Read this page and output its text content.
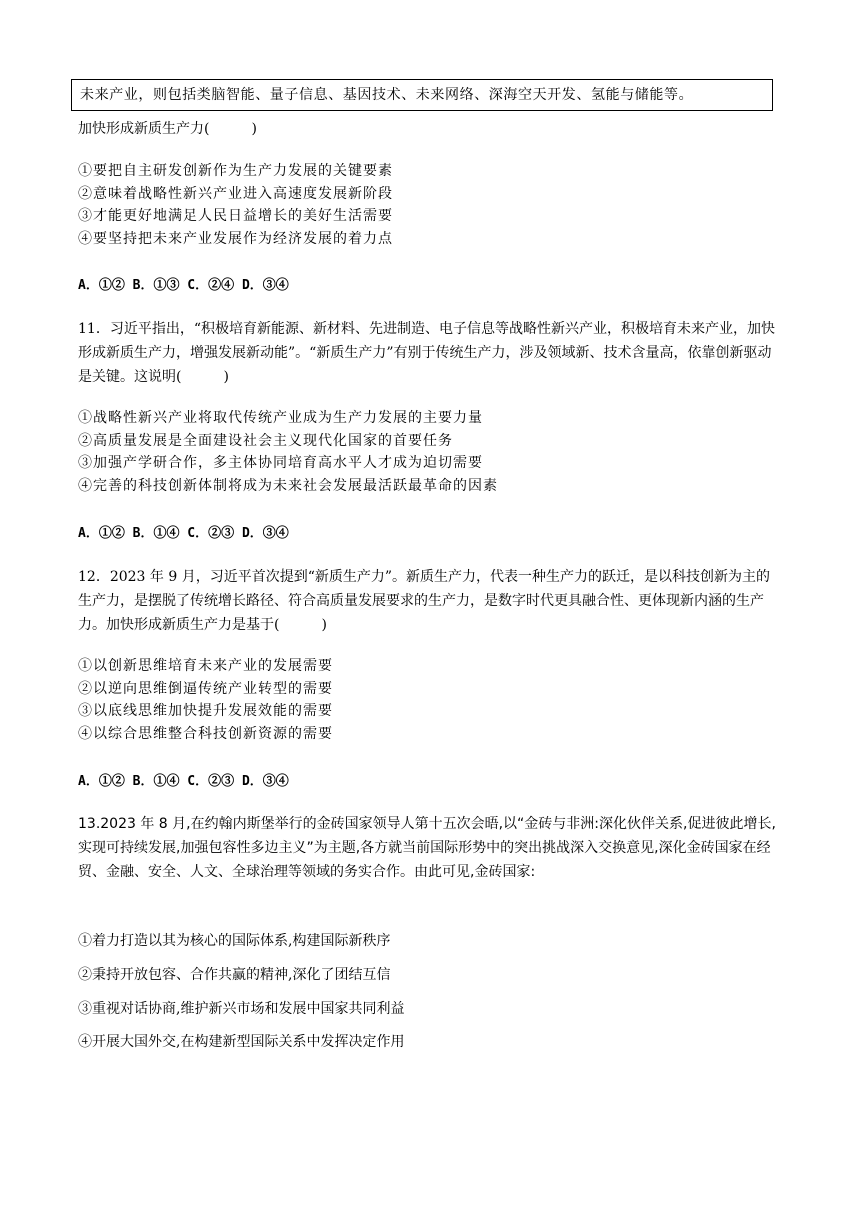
未来产业，则包括类脑智能、量子信息、基因技术、未来网络、深海空天开发、氢能与储能等。
加快形成新质生产力(　　　)
①要把自主研发创新作为生产力发展的关键要素
②意味着战略性新兴产业进入高速度发展新阶段
③才能更好地满足人民日益增长的美好生活需要
④要坚持把未来产业发展作为经济发展的着力点
A．①② B．①③ C．②④ D．③④
11．习近平指出，“积极培育新能源、新材料、先进制造、电子信息等战略性新兴产业，积极培育未来产业，加快形成新质生产力，增强发展新动能”。“新质生产力”有别于传统生产力，涉及领域新、技术含量高，依靠创新驱动是关键。这说明(　　　)
①战略性新兴产业将取代传统产业成为生产力发展的主要力量
②高质量发展是全面建设社会主义现代化国家的首要任务
③加强产学研合作，多主体协同培育高水平人才成为迫切需要
④完善的科技创新体制将成为未来社会发展最活跃最革命的因素
A．①② B．①④ C．②③ D．③④
12．2023 年 9 月，习近平首次提到“新质生产力”。新质生产力，代表一种生产力的跃迁，是以科技创新为主的生产力，是摆脱了传统增长路径、符合高质量发展要求的生产力，是数字时代更具融合性、更体现新内涵的生产力。加快形成新质生产力是基于(　　　)
①以创新思维培育未来产业的发展需要
②以逆向思维倒逼传统产业转型的需要
③以底线思维加快提升发展效能的需要
④以综合思维整合科技创新资源的需要
A．①② B．①④ C．②③ D．③④
13.2023 年 8 月,在约翰内斯堡举行的金砖国家领导人第十五次会晤,以“金砖与非洲:深化伙伴关系,促进彼此增长,实现可持续发展,加强包容性多边主义”为主题,各方就当前国际形势中的突出挑战深入交换意见,深化金砖国家在经贸、金融、安全、人文、全球治理等领域的务实合作。由此可见,金砖国家:
①着力打造以其为核心的国际体系,构建国际新秩序
②秉持开放包容、合作共赢的精神,深化了团结互信
③重视对话协商,维护新兴市场和发展中国家共同利益
④开展大国外交,在构建新型国际关系中发挥决定作用
